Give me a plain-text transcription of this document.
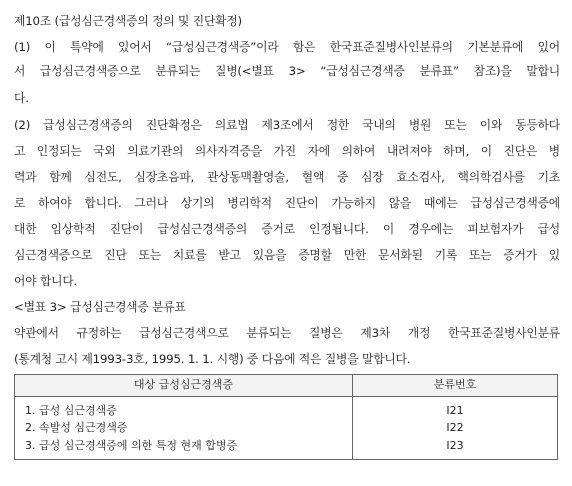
제10조 (급성심근경색증의 정의 및 진단확정)
(1) 이 특약에 있어서 “급성심근경색증”이라 함은 한국표준질병사인분류의 기본분류에 있어
서 급성심근경색증으로 분류되는 질병(<별표 3> “급성심근경색증 분류표” 참조)을 말합니
다.
(2) 급성심근경색증의 진단확정은 의료법 제3조에서 정한 국내의 병원 또는 이와 동등하다
고 인정되는 국외 의료기관의 의사자격증을 가진 자에 의하여 내려져야 하며, 이 진단은 병
력과 함께 심전도, 심장초음파, 관상동맥촬영술, 혈액 중 심장 효소검사, 핵의학검사를 기초
로 하여야 합니다. 그러나 상기의 병리학적 진단이 가능하지 않을 때에는 급성심근경색증에
대한 임상학적 진단이 급성심근경색증의 증거로 인정됩니다. 이 경우에는 피보험자가 급성
심근경색증으로 진단 또는 치료를 받고 있음을 증명할 만한 문서화된 기록 또는 증거가 있
어야 합니다.
<별표 3> 급성심근경색증 분류표
약관에서 규정하는 급성심근경색으로 분류되는 질병은 제3차 개정 한국표준질병사인분류
(통계청 고시 제1993-3호, 1995. 1. 1. 시행) 중 다음에 적은 질병을 말합니다.
대상 급성심근경색증	분류번호
1. 급성 심근경색증	I21
2. 속발성 심근경색증	I22
3. 급성 심근경색증에 의한 특정 현재 합병증	I23
